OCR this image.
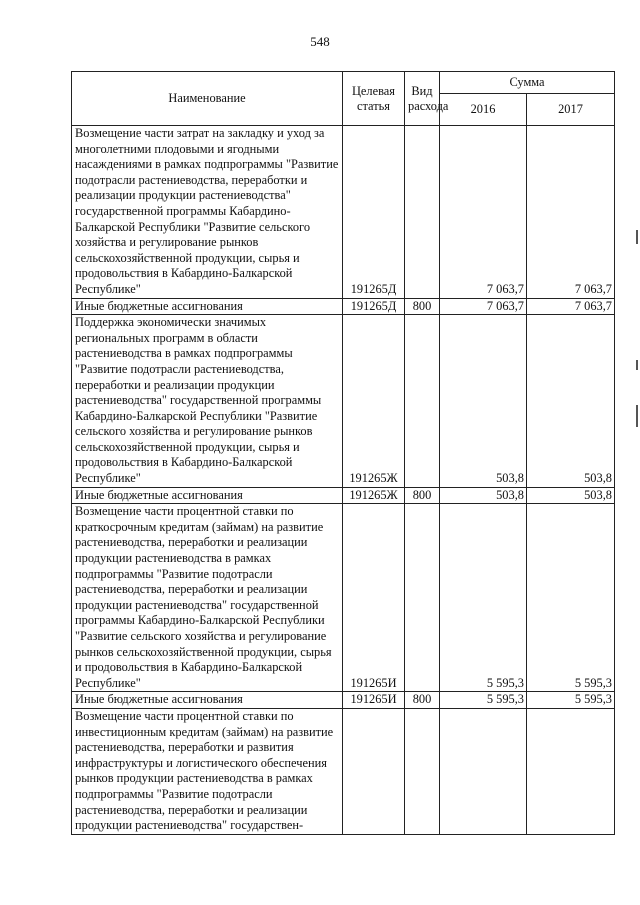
548
Наименование	Целевая статья	Вид расхода	Сумма	
			2016	2017
Возмещение части затрат на закладку и уход за многолетними плодовыми и ягодными насаждениями в рамках подпрограммы "Развитие подотрасли растениеводства, переработки и реализации продукции растениеводства" государственной программы Кабардино-Балкарской Республики "Развитие сельского хозяйства и регулирование рынков сельскохозяйственной продукции, сырья и продовольствия в Кабардино-Балкарской Республике"	191265Д		7 063,7	7 063,7
Иные бюджетные ассигнования	191265Д	800	7 063,7	7 063,7
Поддержка экономически значимых региональных программ в области растениеводства в рамках подпрограммы "Развитие подотрасли растениеводства, переработки и реализации продукции растениеводства" государственной программы Кабардино-Балкарской Республики "Развитие сельского хозяйства и регулирование рынков сельскохозяйственной продукции, сырья и продовольствия в Кабардино-Балкарской Республике"	191265Ж		503,8	503,8
Иные бюджетные ассигнования	191265Ж	800	503,8	503,8
Возмещение части процентной ставки по краткосрочным кредитам (займам) на развитие растениеводства, переработки и реализации продукции растениеводства в рамках подпрограммы "Развитие подотрасли растениеводства, переработки и реализации продукции растениеводства" государственной программы Кабардино-Балкарской Республики "Развитие сельского хозяйства и регулирование рынков сельскохозяйственной продукции, сырья и продовольствия в Кабардино-Балкарской Республике"	191265И		5 595,3	5 595,3
Иные бюджетные ассигнования	191265И	800	5 595,3	5 595,3
Возмещение части процентной ставки по инвестиционным кредитам (займам) на развитие растениеводства, переработки и развития инфраструктуры и логистического обеспечения рынков продукции растениеводства в рамках подпрограммы "Развитие подотрасли растениеводства, переработки и реализации продукции растениеводства" государствен-				
